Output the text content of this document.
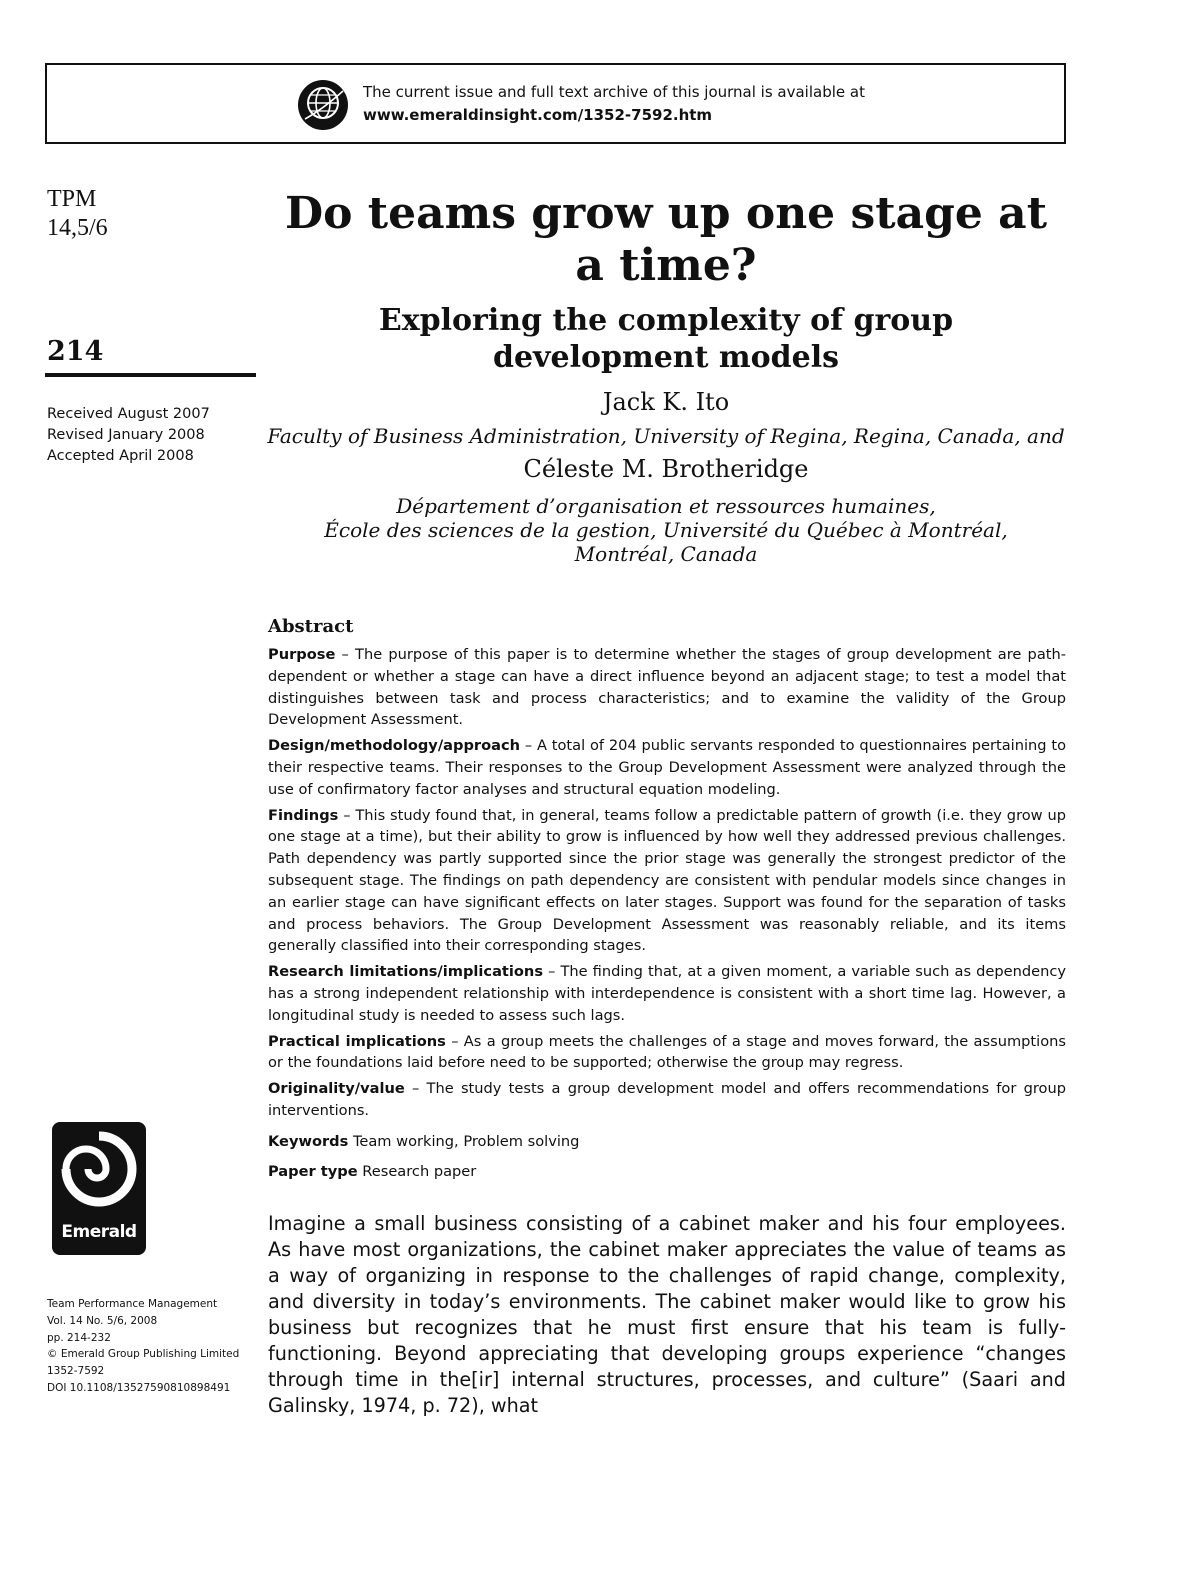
The current issue and full text archive of this journal is available at
www.emeraldinsight.com/1352-7592.htm
TPM
14,5/6
214
Received August 2007
Revised January 2008
Accepted April 2008
Do teams grow up one stage at
a time?
Exploring the complexity of group
development models
Jack K. Ito
Faculty of Business Administration, University of Regina, Regina, Canada, and
Céleste M. Brotheridge
Département d’organisation et ressources humaines,
École des sciences de la gestion, Université du Québec à Montréal,
Montréal, Canada
Abstract

Purpose – The purpose of this paper is to determine whether the stages of group development are path-dependent or whether a stage can have a direct influence beyond an adjacent stage; to test a model that distinguishes between task and process characteristics; and to examine the validity of the Group Development Assessment.

Design/methodology/approach – A total of 204 public servants responded to questionnaires pertaining to their respective teams. Their responses to the Group Development Assessment were analyzed through the use of confirmatory factor analyses and structural equation modeling.

Findings – This study found that, in general, teams follow a predictable pattern of growth (i.e. they grow up one stage at a time), but their ability to grow is influenced by how well they addressed previous challenges. Path dependency was partly supported since the prior stage was generally the strongest predictor of the subsequent stage. The findings on path dependency are consistent with pendular models since changes in an earlier stage can have significant effects on later stages. Support was found for the separation of tasks and process behaviors. The Group Development Assessment was reasonably reliable, and its items generally classified into their corresponding stages.

Research limitations/implications – The finding that, at a given moment, a variable such as dependency has a strong independent relationship with interdependence is consistent with a short time lag. However, a longitudinal study is needed to assess such lags.

Practical implications – As a group meets the challenges of a stage and moves forward, the assumptions or the foundations laid before need to be supported; otherwise the group may regress.

Originality/value – The study tests a group development model and offers recommendations for group interventions.

Keywords Team working, Problem solving
Paper type Research paper
Imagine a small business consisting of a cabinet maker and his four employees. As have most organizations, the cabinet maker appreciates the value of teams as a way of organizing in response to the challenges of rapid change, complexity, and diversity in today’s environments. The cabinet maker would like to grow his business but recognizes that he must first ensure that his team is fully-functioning. Beyond appreciating that developing groups experience “changes through time in the[ir] internal structures, processes, and culture” (Saari and Galinsky, 1974, p. 72), what
Emerald
Team Performance Management
Vol. 14 No. 5/6, 2008
pp. 214-232
© Emerald Group Publishing Limited
1352-7592
DOI 10.1108/13527590810898491
